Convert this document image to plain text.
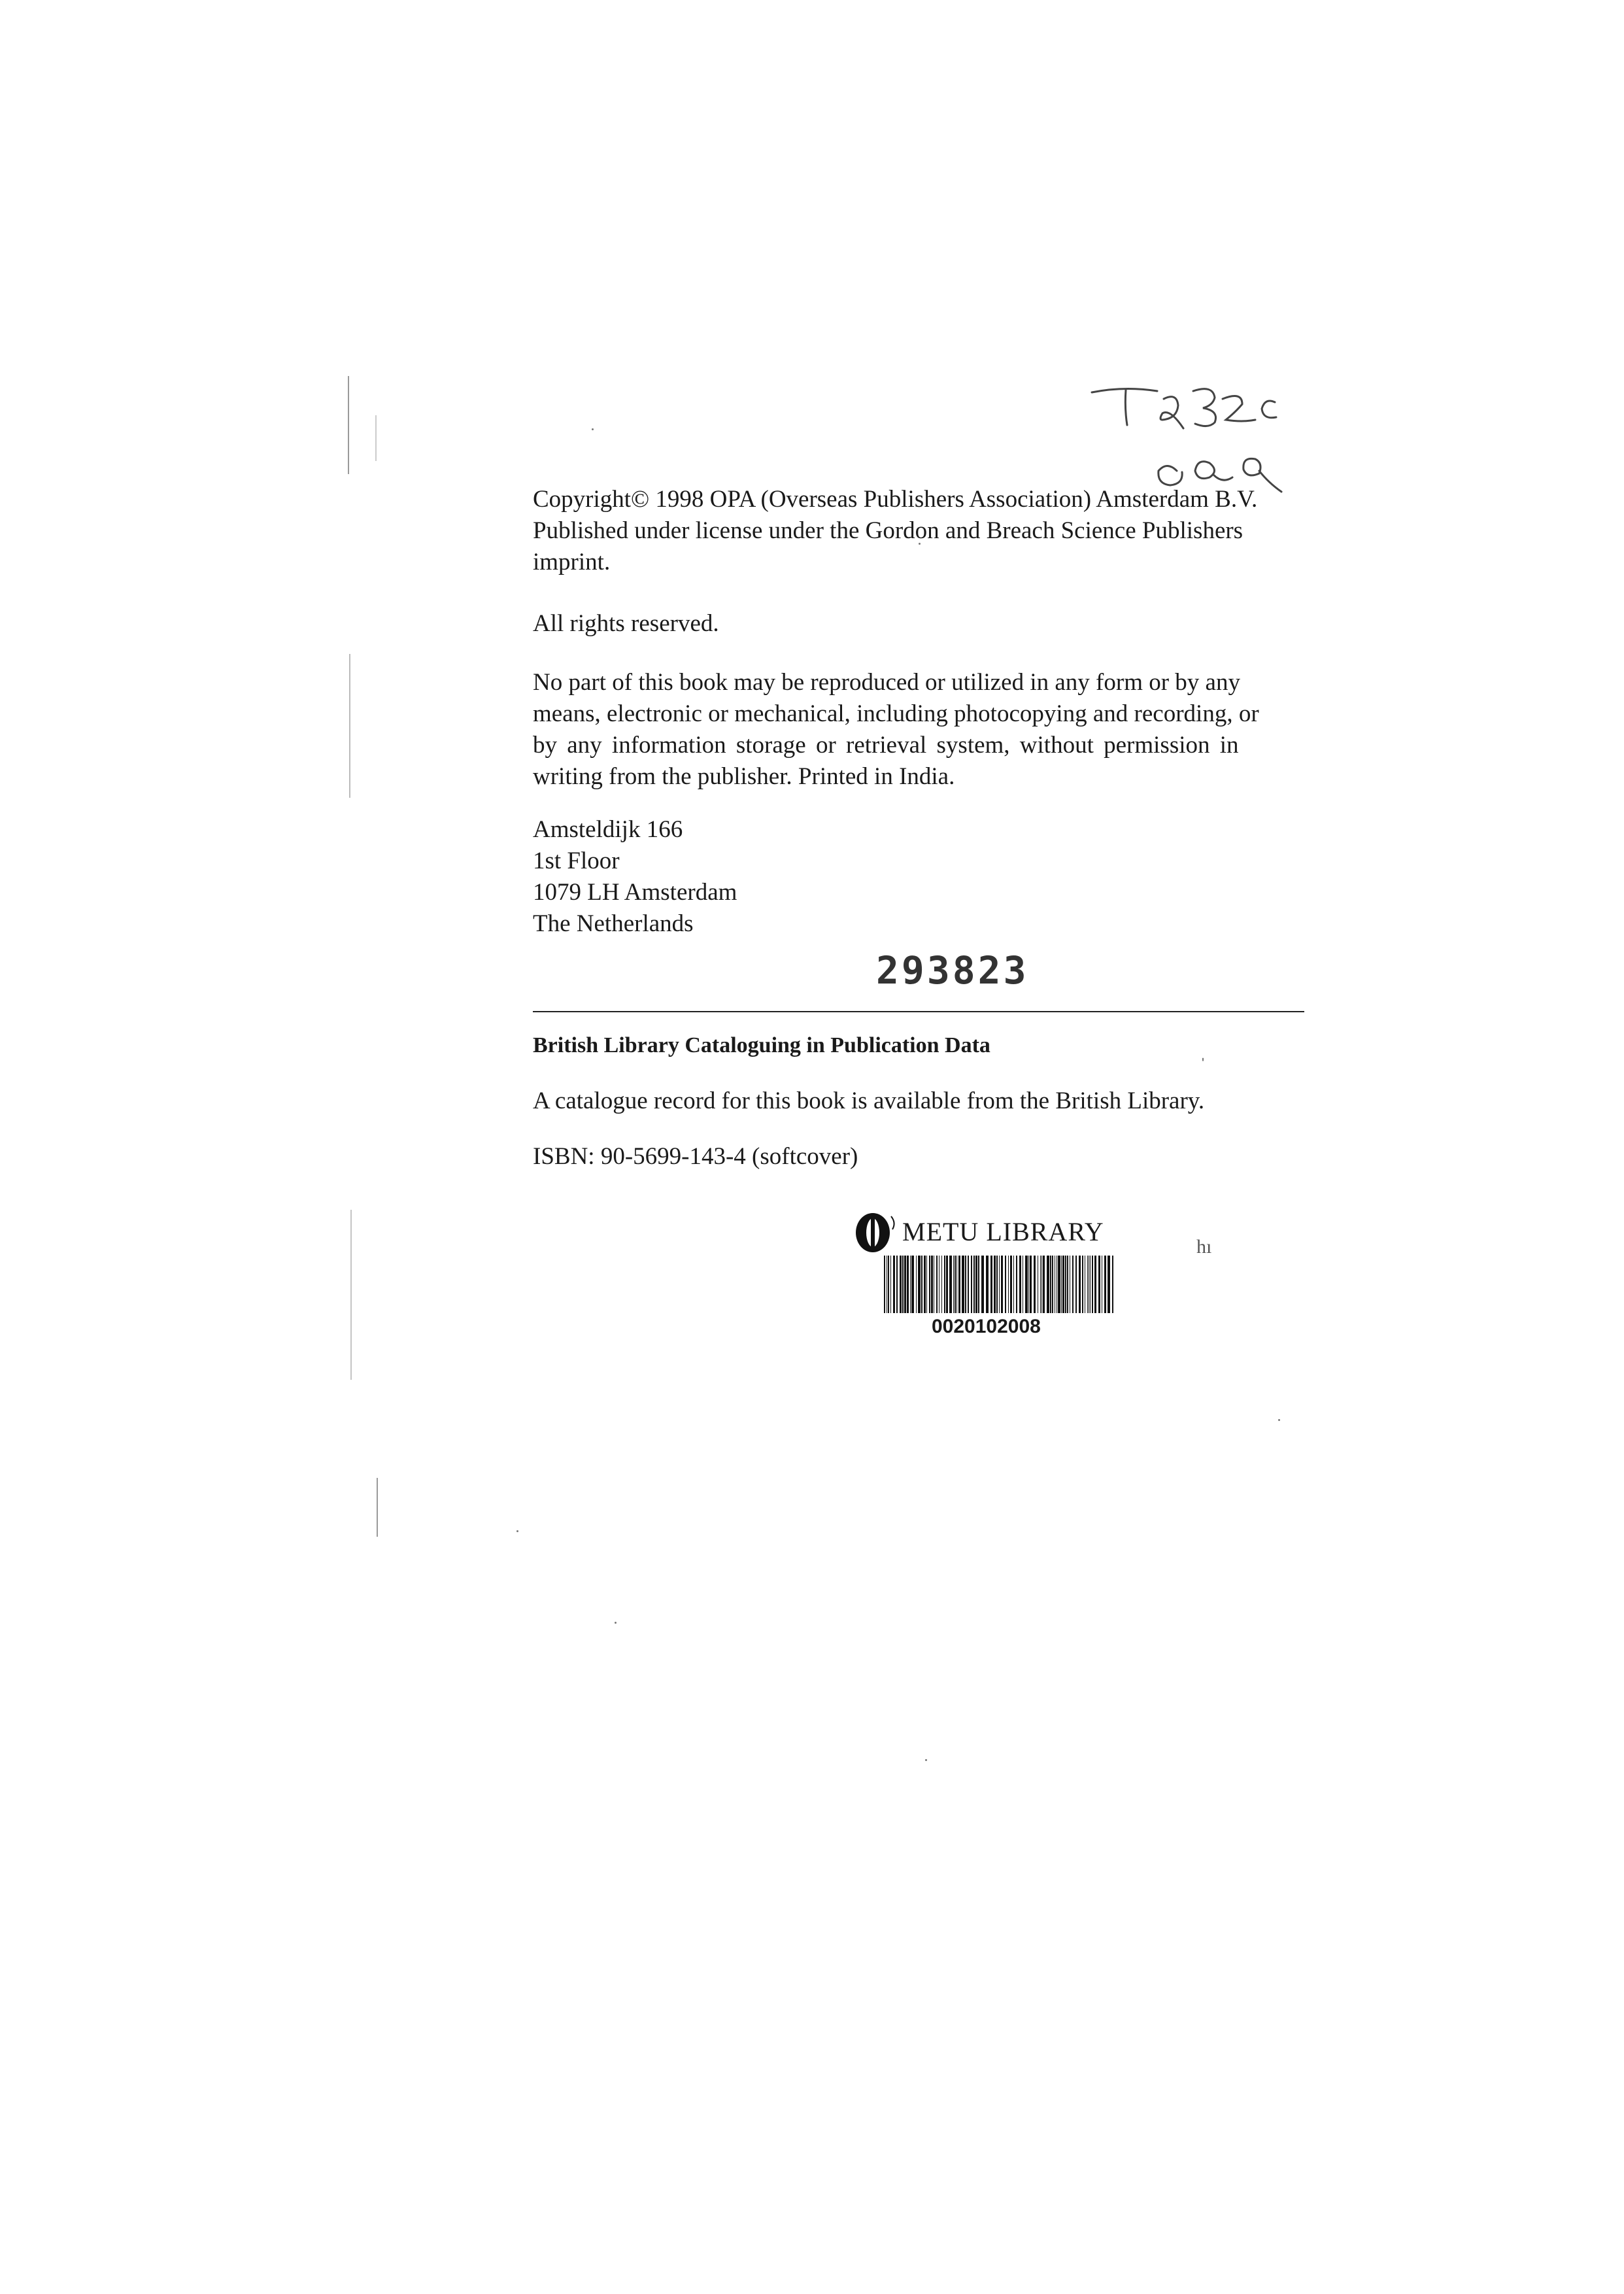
Copyright© 1998 OPA (Overseas Publishers Association) Amsterdam B.V.
Published under license under the Gordon and Breach Science Publishers
imprint.
All rights reserved.
No part of this book may be reproduced or utilized in any form or by any
means, electronic or mechanical, including photocopying and recording, or
by any information storage or retrieval system, without permission in
writing from the publisher. Printed in India.
Amsteldijk 166
1st Floor
1079 LH Amsterdam
The Netherlands
293823
British Library Cataloguing in Publication Data
A catalogue record for this book is available from the British Library.
ISBN: 90-5699-143-4 (softcover)
METU LIBRARY
0020102008
hı
ˌ
